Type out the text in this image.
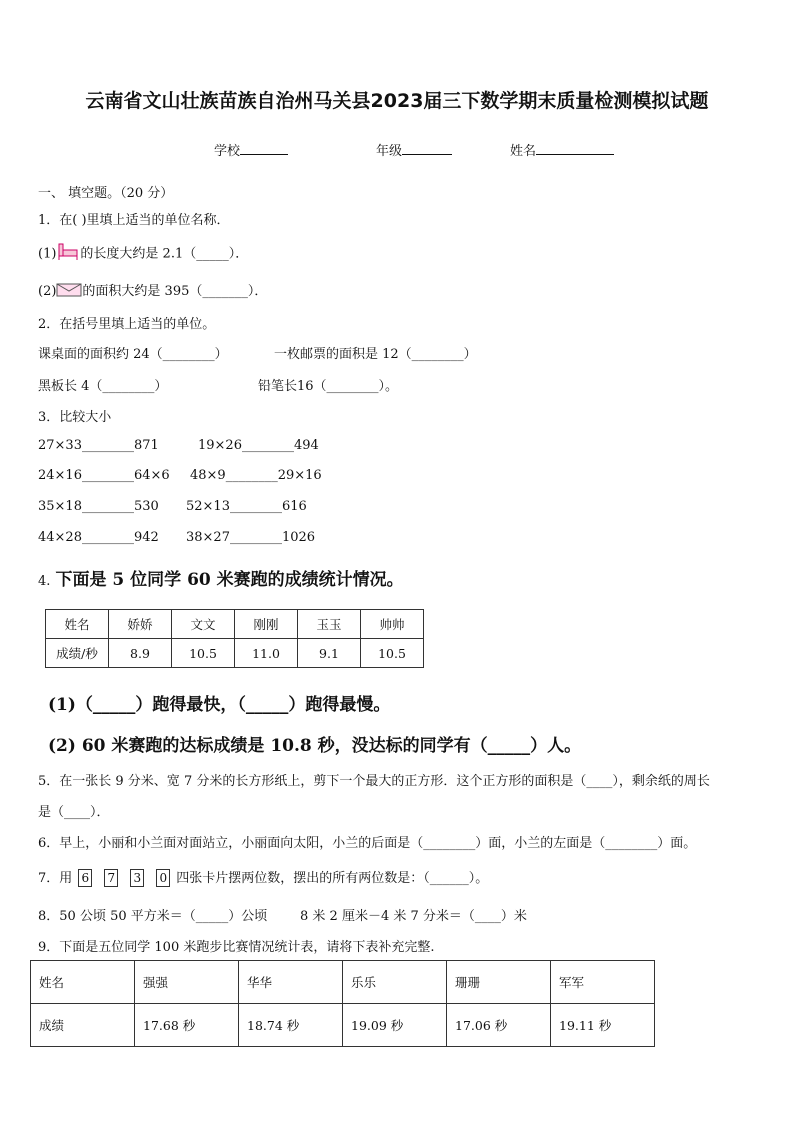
云南省文山壮族苗族自治州马关县2023届三下数学期末质量检测模拟试题
学校	年级	姓名
一、 填空题。（20 分）
1．在( )里填上适当的单位名称．
(1) 的长度大约是 2.1（_____）．
(2) 的面积大约是 395（_______）．
2．在括号里填上适当的单位。
课桌面的面积约 24（________）	一枚邮票的面积是 12（________）
黑板长 4（________）	铅笔长16（________）。
3．比较大小
27×33________871	19×26________494
24×16________64×6 48×9________29×16
35×18________530 52×13________616
44×28________942 38×27________1026
4. 下面是 5 位同学 60 米赛跑的成绩统计情况。
姓名	娇娇	文文	刚刚	玉玉	帅帅
成绩/秒	8.9	10.5	11.0	9.1	10.5
(1)（_____）跑得最快，（_____）跑得最慢。
(2) 60 米赛跑的达标成绩是 10.8 秒，没达标的同学有（_____）人。
5．在一张长 9 分米、宽 7 分米的长方形纸上，剪下一个最大的正方形．这个正方形的面积是（____），剩余纸的周长
是（____）．
6．早上，小丽和小兰面对面站立，小丽面向太阳，小兰的后面是（________）面，小兰的左面是（________）面。
7．用 6 7 3 0 四张卡片摆两位数，摆出的所有两位数是：（______）。
8．50 公顷 50 平方米＝（_____）公顷	8 米 2 厘米－4 米 7 分米＝（____）米
9．下面是五位同学 100 米跑步比赛情况统计表，请将下表补充完整.
姓名	强强	华华	乐乐	珊珊	军军
成绩	17.68 秒	18.74 秒	19.09 秒	17.06 秒	19.11 秒
